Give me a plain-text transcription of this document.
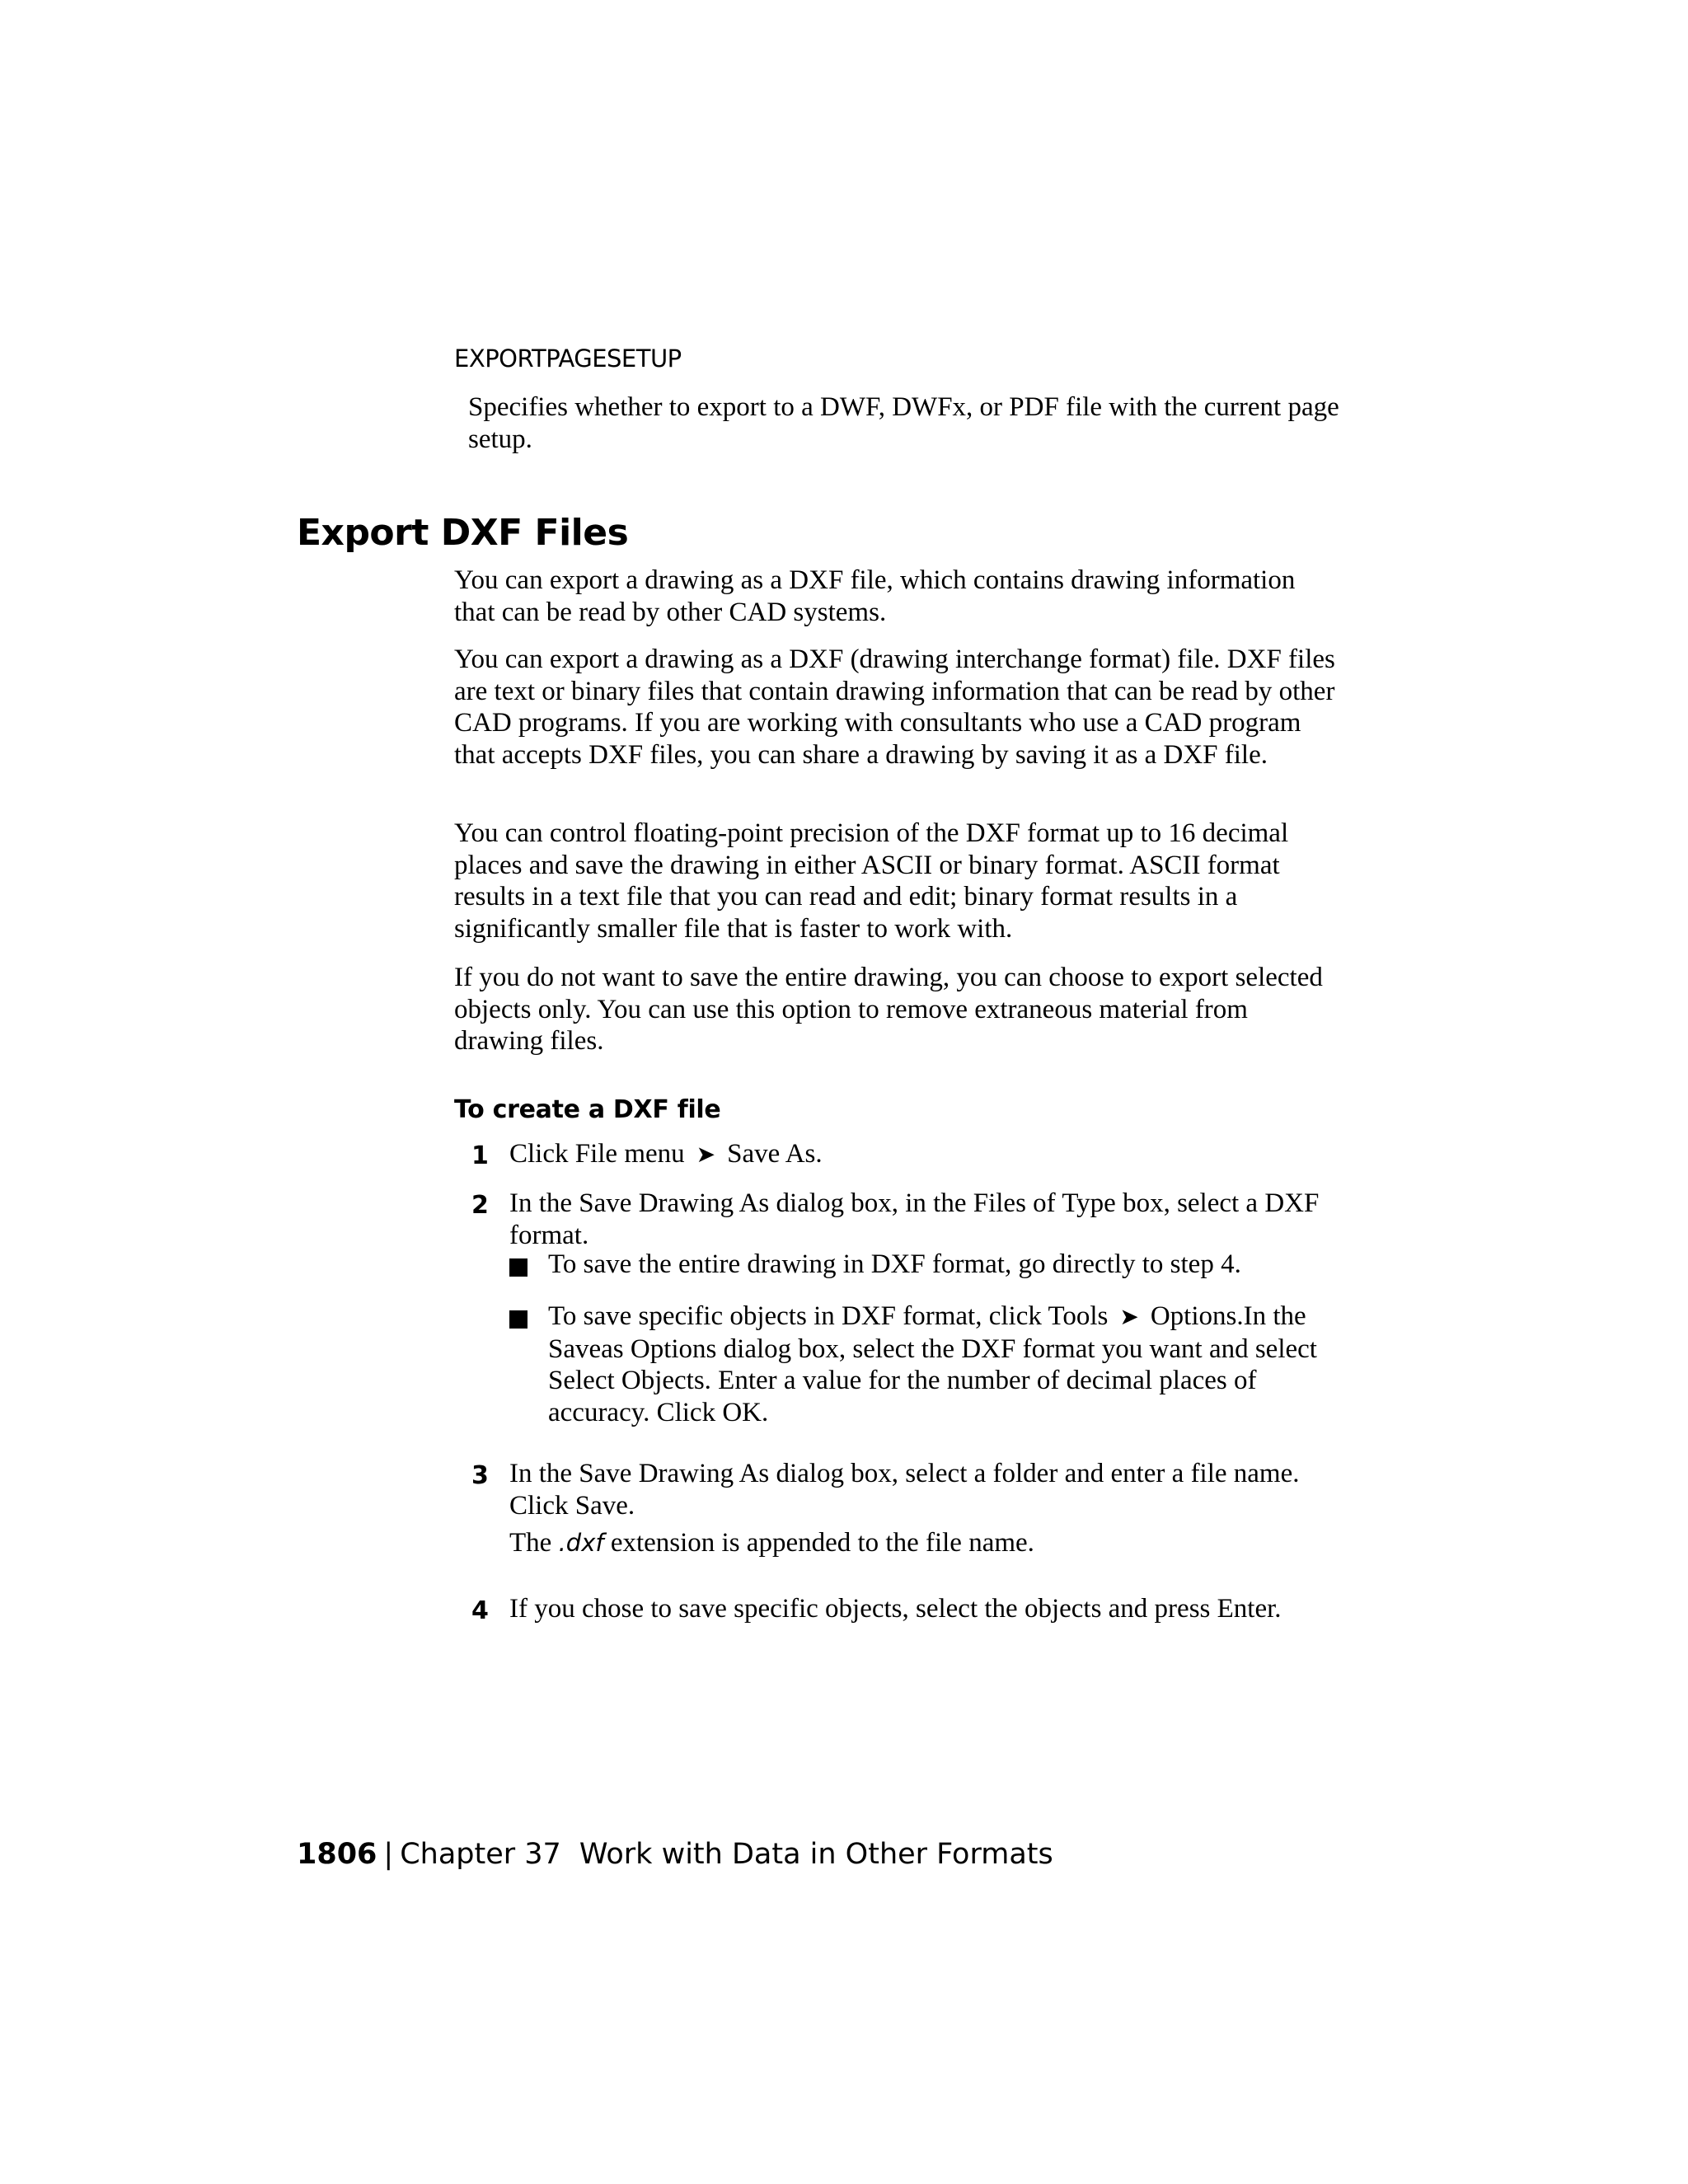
EXPORTPAGESETUP
Specifies whether to export to a DWF, DWFx, or PDF file with the current page setup.
Export DXF Files
You can export a drawing as a DXF file, which contains drawing information that can be read by other CAD systems.
You can export a drawing as a DXF (drawing interchange format) file. DXF files are text or binary files that contain drawing information that can be read by other CAD programs. If you are working with consultants who use a CAD program that accepts DXF files, you can share a drawing by saving it as a DXF file.
You can control floating-point precision of the DXF format up to 16 decimal places and save the drawing in either ASCII or binary format. ASCII format results in a text file that you can read and edit; binary format results in a significantly smaller file that is faster to work with.
If you do not want to save the entire drawing, you can choose to export selected objects only. You can use this option to remove extraneous material from drawing files.
To create a DXF file
1 Click File menu ➤ Save As.
2 In the Save Drawing As dialog box, in the Files of Type box, select a DXF format.
To save the entire drawing in DXF format, go directly to step 4.
To save specific objects in DXF format, click Tools ➤ Options.In the Saveas Options dialog box, select the DXF format you want and select Select Objects. Enter a value for the number of decimal places of accuracy. Click OK.
3 In the Save Drawing As dialog box, select a folder and enter a file name. Click Save.
The .dxf extension is appended to the file name.
4 If you chose to save specific objects, select the objects and press Enter.
1806 | Chapter 37 Work with Data in Other Formats
